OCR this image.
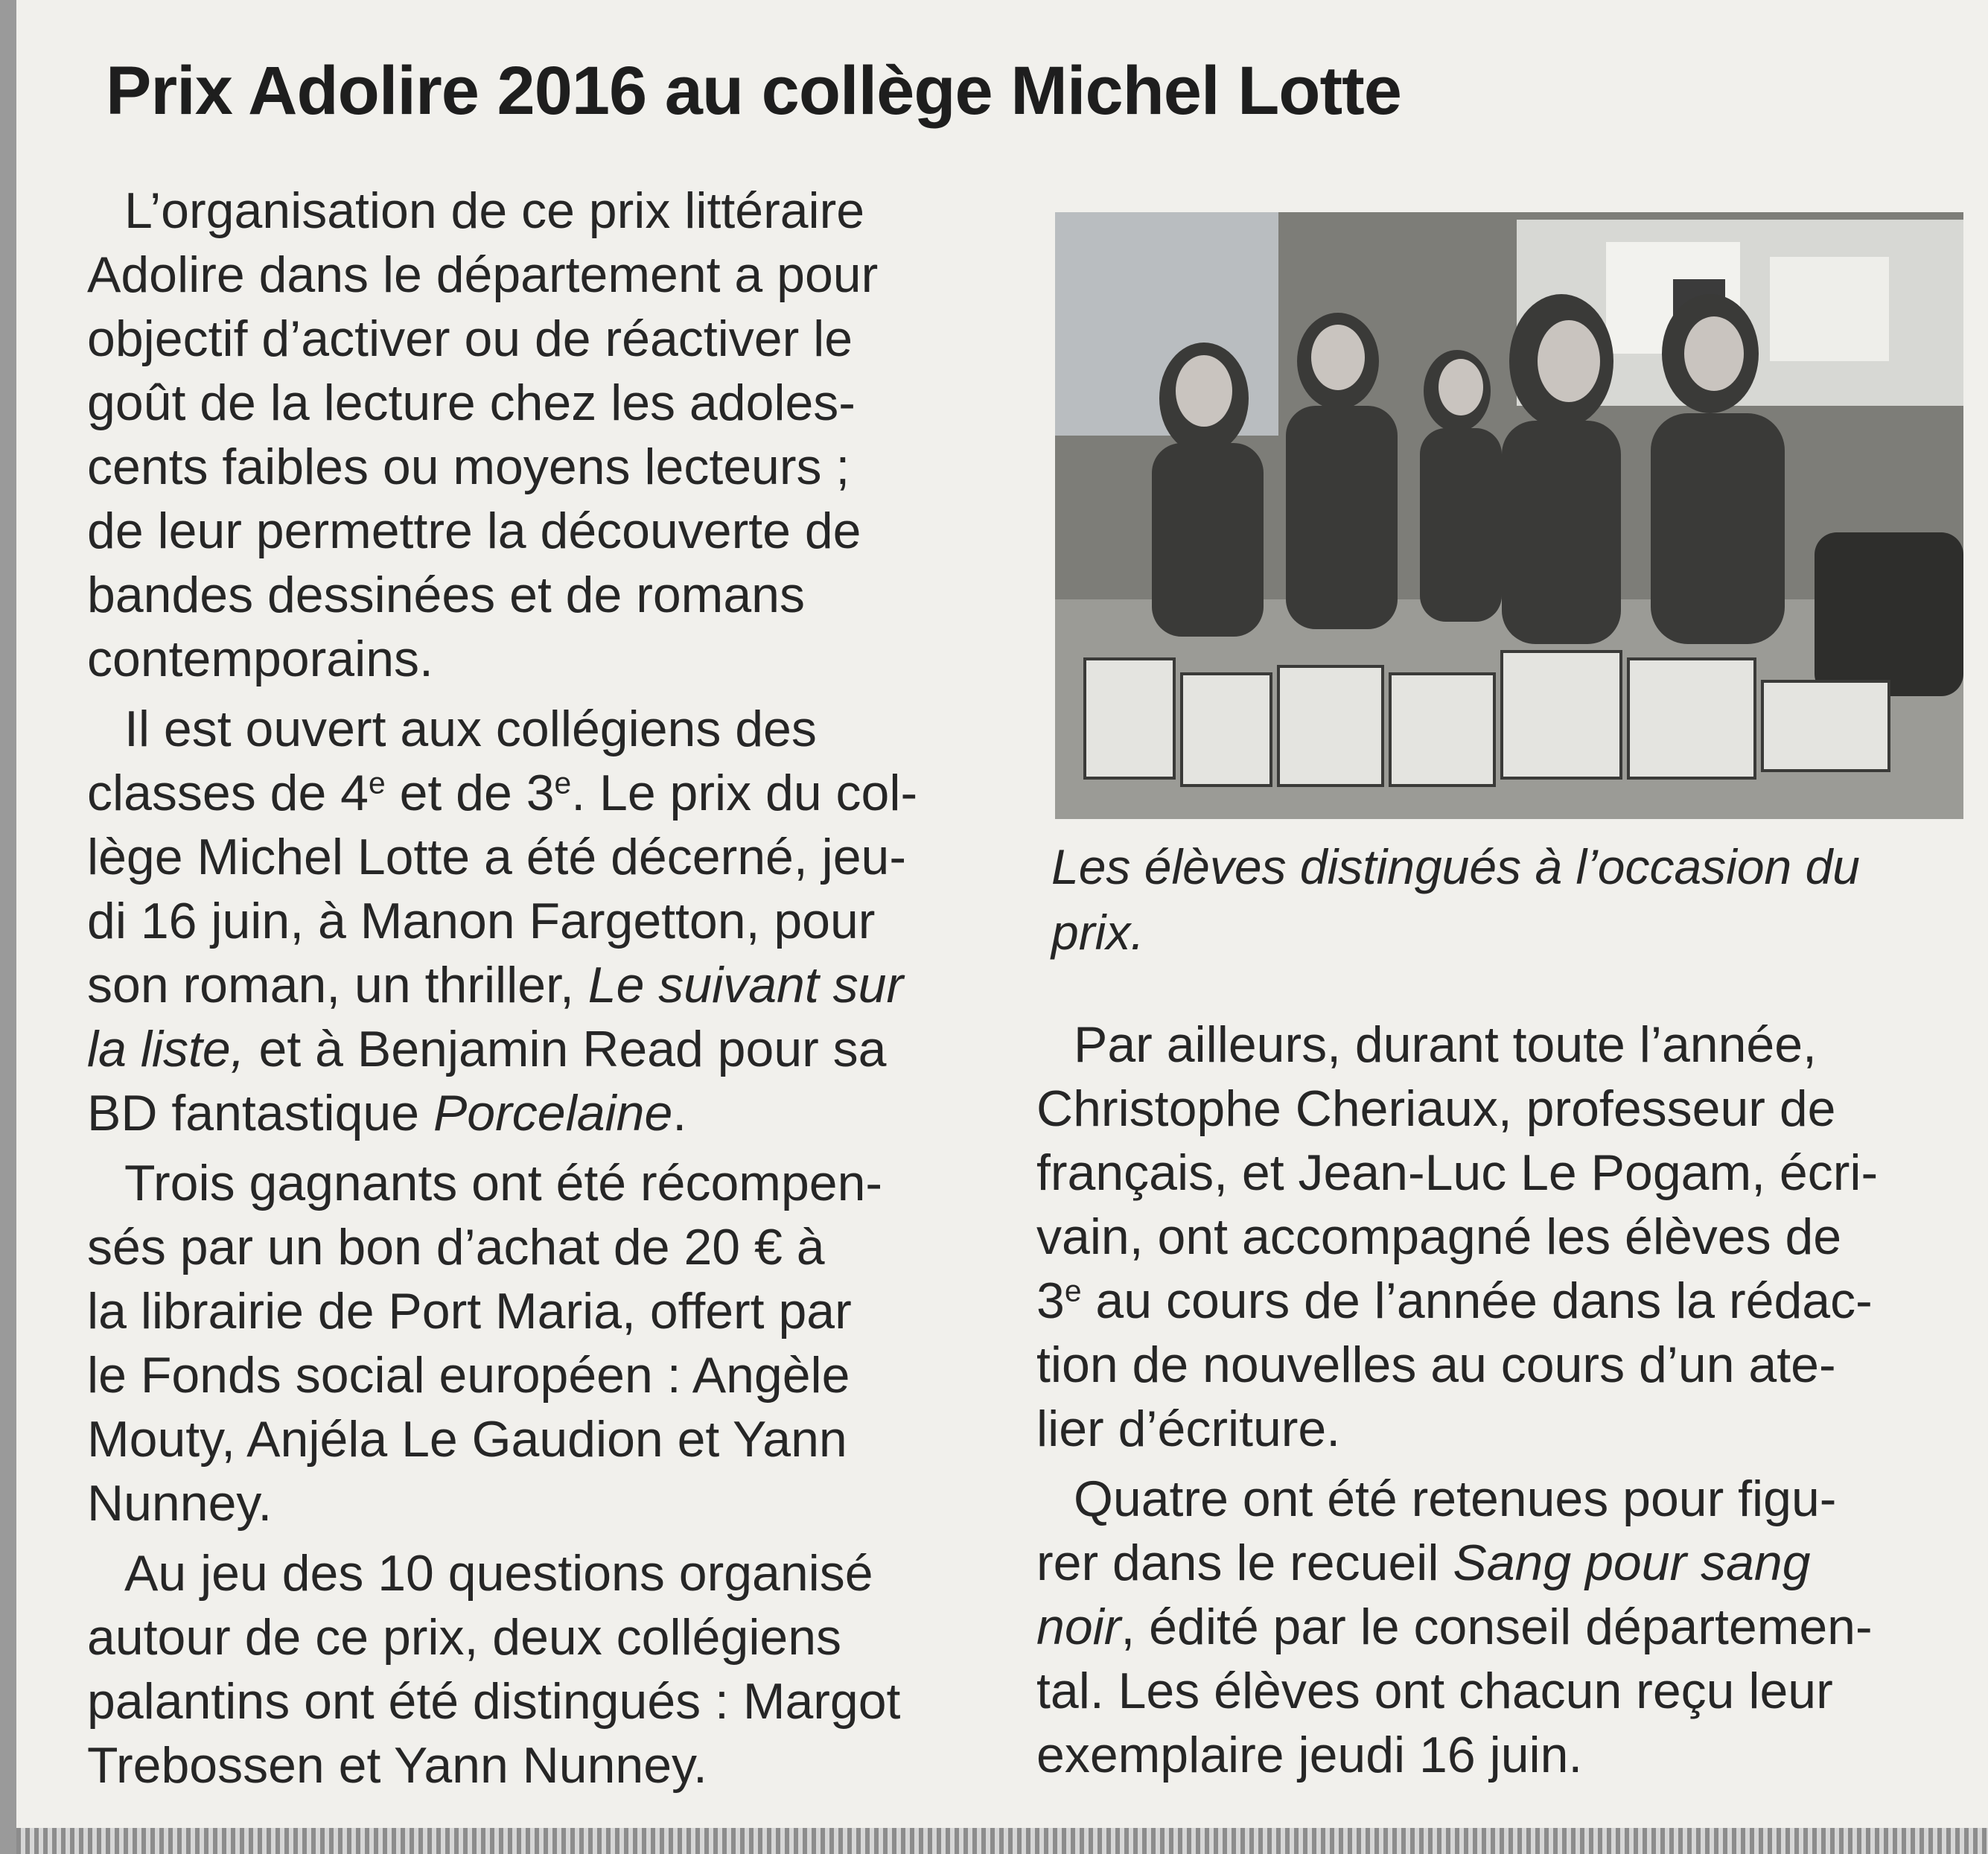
Prix Adolire 2016 au collège Michel Lotte

L’organisation de ce prix littéraire
Adolire dans le département a pour
objectif d’activer ou de réactiver le
goût de la lecture chez les adoles-
cents faibles ou moyens lecteurs ;
de leur permettre la découverte de
bandes dessinées et de romans
contemporains.

Il est ouvert aux collégiens des
classes de 4e et de 3e. Le prix du col-
lège Michel Lotte a été décerné, jeu-
di 16 juin, à Manon Fargetton, pour
son roman, un thriller, Le suivant sur
la liste, et à Benjamin Read pour sa
BD fantastique Porcelaine.

Trois gagnants ont été récompen-
sés par un bon d’achat de 20 € à
la librairie de Port Maria, offert par
le Fonds social européen : Angèle
Mouty, Anjéla Le Gaudion et Yann
Nunney.

Au jeu des 10 questions organisé
autour de ce prix, deux collégiens
palantins ont été distingués : Margot
Trebossen et Yann Nunney.

Les élèves distingués à l’occasion du
prix.

Par ailleurs, durant toute l’année,
Christophe Cheriaux, professeur de
français, et Jean-Luc Le Pogam, écri-
vain, ont accompagné les élèves de
3e au cours de l’année dans la rédac-
tion de nouvelles au cours d’un ate-
lier d’écriture.

Quatre ont été retenues pour figu-
rer dans le recueil Sang pour sang
noir, édité par le conseil départemen-
tal. Les élèves ont chacun reçu leur
exemplaire jeudi 16 juin.
